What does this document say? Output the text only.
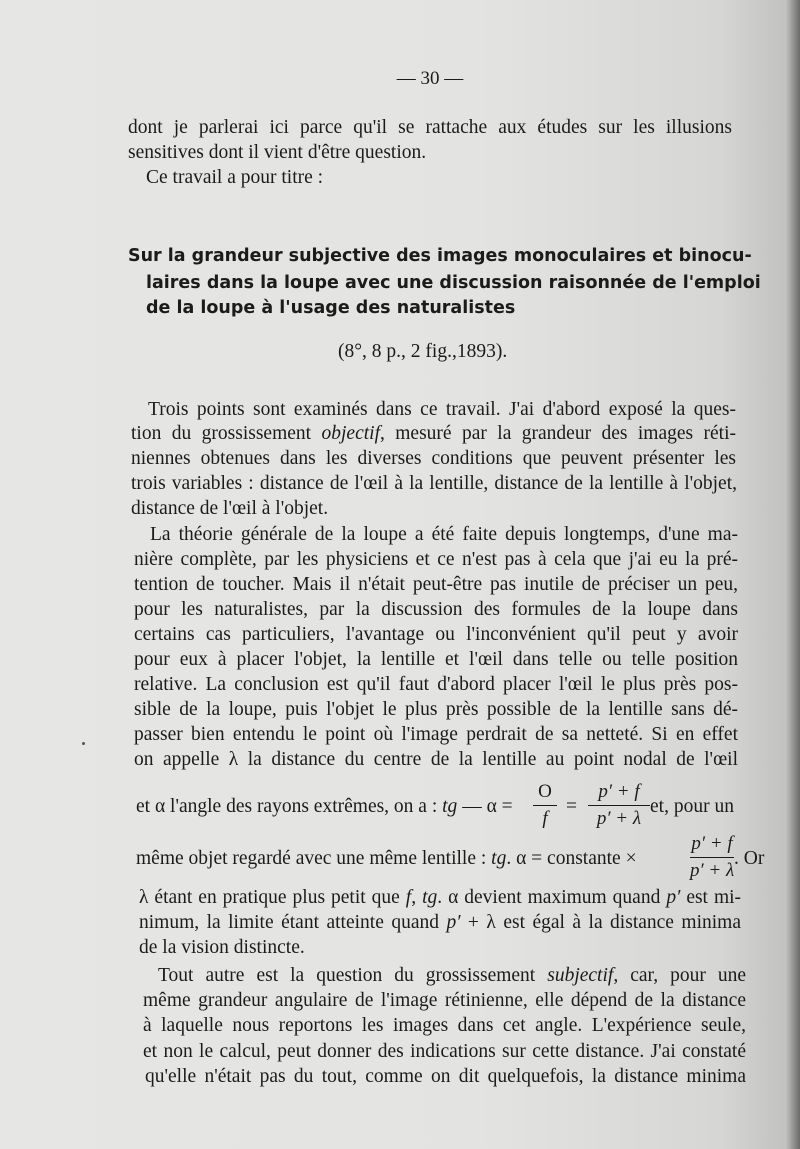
— 30 —
dont je parlerai ici parce qu'il se rattache aux études sur les illusions
sensitives dont il vient d'être question.
Ce travail a pour titre :
Sur la grandeur subjective des images monoculaires et binocu-
laires dans la loupe avec une discussion raisonnée de l'emploi
de la loupe à l'usage des naturalistes
(8°, 8 p., 2 fig.,1893).
Trois points sont examinés dans ce travail. J'ai d'abord exposé la ques-
tion du grossissement objectif, mesuré par la grandeur des images réti-
niennes obtenues dans les diverses conditions que peuvent présenter les
trois variables : distance de l'œil à la lentille, distance de la lentille à l'objet,
distance de l'œil à l'objet.
La théorie générale de la loupe a été faite depuis longtemps, d'une ma-
nière complète, par les physiciens et ce n'est pas à cela que j'ai eu la pré-
tention de toucher. Mais il n'était peut-être pas inutile de préciser un peu,
pour les naturalistes, par la discussion des formules de la loupe dans
certains cas particuliers, l'avantage ou l'inconvénient qu'il peut y avoir
pour eux à placer l'objet, la lentille et l'œil dans telle ou telle position
relative. La conclusion est qu'il faut d'abord placer l'œil le plus près pos-
sible de la loupe, puis l'objet le plus près possible de la lentille sans dé-
passer bien entendu le point où l'image perdrait de sa netteté. Si en effet
on appelle λ la distance du centre de la lentille au point nodal de l'œil
et α l'angle des rayons extrêmes, on a : tg — α =
O
f
=
p′ + f
p′ + λ
et, pour un
même objet regardé avec une même lentille : tg. α = constante ×
p′ + f
p′ + λ
. Or
λ étant en pratique plus petit que f, tg. α devient maximum quand p′ est mi-
nimum, la limite étant atteinte quand p′ + λ est égal à la distance minima
de la vision distincte.
Tout autre est la question du grossissement subjectif, car, pour une
même grandeur angulaire de l'image rétinienne, elle dépend de la distance
à laquelle nous reportons les images dans cet angle. L'expérience seule,
et non le calcul, peut donner des indications sur cette distance. J'ai constaté
qu'elle n'était pas du tout, comme on dit quelquefois, la distance minima
